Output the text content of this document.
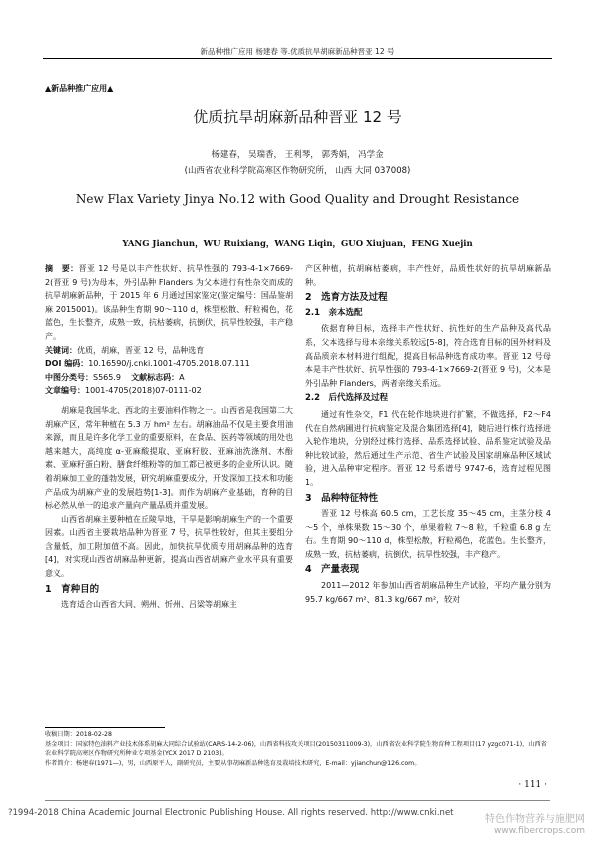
新品种推广应用 杨建春 等.优质抗旱胡麻新品种晋亚 12 号
▲新品种推广应用▲
优质抗旱胡麻新品种晋亚 12 号
杨建春， 吴瑞香， 王利琴， 郭秀娟， 冯学金
(山西省农业科学院高寒区作物研究所， 山西 大同 037008)
New Flax Variety Jinya No.12 with Good Quality and Drought Resistance
YANG Jianchun，WU Ruixiang，WANG Liqin，GUO Xiujuan，FENG Xuejin

摘　要：晋亚 12 号是以丰产性状好、抗旱性强的 793-4-1×7669-2(晋亚 9 号)为母本，外引品种 Flanders 为父本进行有性杂交而成的抗旱胡麻新品种，于 2015 年 6 月通过国家鉴定(鉴定编号：国品鉴胡麻 2015001)。该品种生育期 90～110 d，株型松散、籽粒褐色，花蓝色，生长整齐，成熟一致，抗枯萎病，抗倒伏，抗旱性较强，丰产稳产。

关键词：优质，胡麻，晋亚 12 号，品种选育

DOI 编码：10.16590/j.cnki.1001-4705.2018.07.111

中图分类号：S565.9 文献标志码：A

文章编号：1001-4705(2018)07-0111-02

胡麻是我国华北、西北的主要油料作物之一。山西省是我国第二大胡麻产区，常年种植在 5.3 万 hm² 左右。胡麻油品不仅是主要食用油来源，而且是许多化学工业的重要原料，在食品、医药等领域的用处也越来越大，高纯度 α-亚麻酸提取、亚麻籽胶、亚麻油洗涤剂、木酚素、亚麻籽蛋白粉、膳食纤维粉等的加工都已被更多的企业所认识。随着胡麻加工业的蓬勃发展，研究胡麻重要成分，开发深加工技术和功能产品成为胡麻产业的发展趋势[1-3]。而作为胡麻产业基础，育种的目标必然从单一的追求产量向产量品质并重发展。

山西省胡麻主要种植在丘陵旱地，干旱是影响胡麻生产的一个重要因素。山西省主要栽培品种为晋亚 7 号，抗旱性较好，但其主要组分含量低，加工附加值不高。因此，加快抗旱优质专用胡麻品种的选育[4]，对实现山西省胡麻品种更新，提高山西省胡麻产业水平具有重要意义。

1　育种目的

选育适合山西省大同、朔州、忻州、吕梁等胡麻主

产区种植，抗胡麻枯萎病，丰产性好，品质性状好的抗旱胡麻新品种。

2　选育方法及过程

2.1　亲本选配

依据育种目标，选择丰产性状好、抗性好的生产品种及高代品系，父本选择与母本亲缘关系较远[5-8]，符合选育目标的国外材料及高品质亲本材料进行组配，提高目标品种选育成功率。晋亚 12 号母本是丰产性状好、抗旱性强的 793-4-1×7669-2(晋亚 9 号)，父本是外引品种 Flanders，两者亲缘关系远。

2.2　后代选择及过程

通过有性杂交，F1 代在轮作地块进行扩繁，不做选择，F2～F4 代在自然病圃进行抗病鉴定及混合集团选择[4]，随后进行株行选择进入轮作地块，分别经过株行选择、品系选择试验、品系鉴定试验及品种比较试验，然后通过生产示范、省生产试验及国家胡麻品种区域试验，进入品种审定程序。晋亚 12 号系谱号 9747-6，选育过程见图 1。

3　品种特征特性

晋亚 12 号株高 60.5 cm，工艺长度 35～45 cm，主茎分枝 4～5 个，单株果数 15～30 个，单果着粒 7～8 粒，千粒重 6.8 g 左右。生育期 90～110 d，株型松散，籽粒褐色，花蓝色。生长整齐，成熟一致，抗枯萎病，抗倒伏，抗旱性较强，丰产稳产。

4　产量表现

2011—2012 年参加山西省胡麻品种生产试验，平均产量分别为 95.7 kg/667 m²、81.3 kg/667 m²，较对

收稿日期：2018-02-28
基金项目：国家特色油料产业技术体系胡麻大同综合试验站(CARS-14-2-06)，山西省科技攻关项目(20150311009-3)，山西省农业科学院生物育种工程项目(17 yzgc071-1)，山西省农业科学院高寒区作物研究所种业专项基金(YCX 2017 D 2103)。
作者简介：杨建春(1971—)，男，山西原平人，副研究员，主要从事胡麻新品种选育及栽培技术研究，E-mail：yjianchun@126.com。
· 111 ·
?1994-2018 China Academic Journal Electronic Publishing House. All rights reserved. http://www.cnki.net
特色作物营养与施肥网
www.fibercrops.com
